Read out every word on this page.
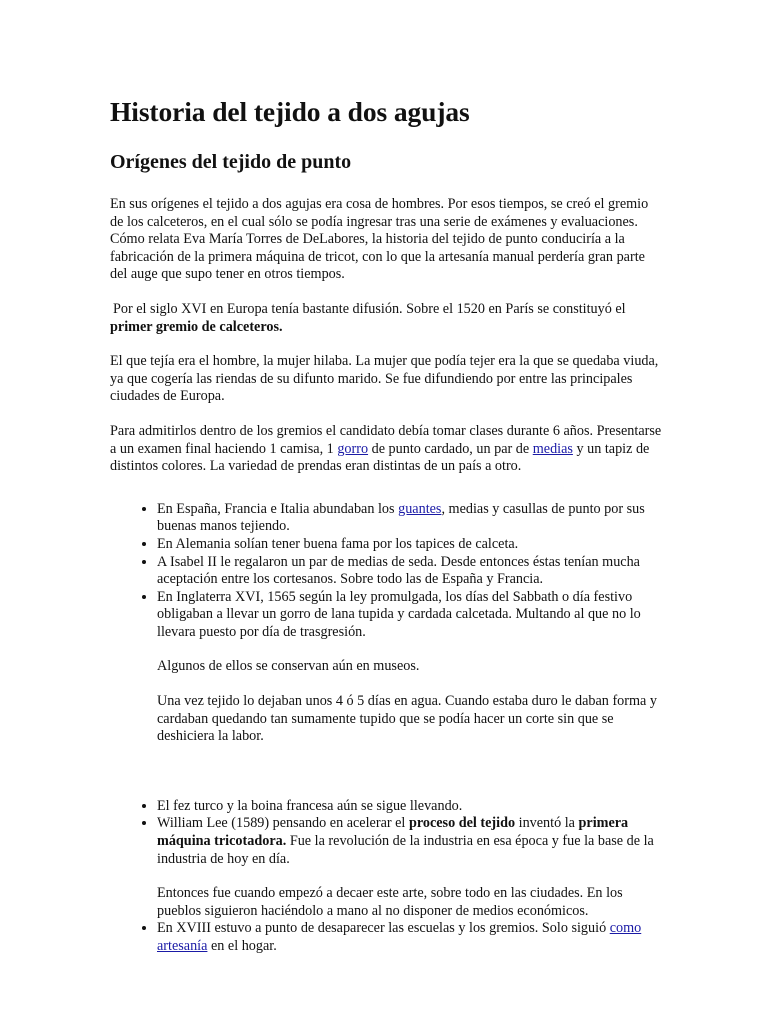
Historia del tejido a dos agujas
Orígenes del tejido de punto

En sus orígenes el tejido a dos agujas era cosa de hombres. Por esos tiempos, se creó el gremio de los calceteros, en el cual sólo se podía ingresar tras una serie de exámenes y evaluaciones. Cómo relata Eva María Torres de DeLabores, la historia del tejido de punto conduciría a la fabricación de la primera máquina de tricot, con lo que la artesanía manual perdería gran parte del auge que supo tener en otros tiempos.

Por el siglo XVI en Europa tenía bastante difusión. Sobre el 1520 en París se constituyó el primer gremio de calceteros.

El que tejía era el hombre, la mujer hilaba. La mujer que podía tejer era la que se quedaba viuda, ya que cogería las riendas de su difunto marido. Se fue difundiendo por entre las principales ciudades de Europa.

Para admitirlos dentro de los gremios el candidato debía tomar clases durante 6 años. Presentarse a un examen final haciendo 1 camisa, 1 gorro de punto cardado, un par de medias y un tapiz de distintos colores. La variedad de prendas eran distintas de un país a otro.

• En España, Francia e Italia abundaban los guantes, medias y casullas de punto por sus buenas manos tejiendo.
• En Alemania solían tener buena fama por los tapices de calceta.
• A Isabel II le regalaron un par de medias de seda. Desde entonces éstas tenían mucha aceptación entre los cortesanos. Sobre todo las de España y Francia.
• En Inglaterra XVI, 1565 según la ley promulgada, los días del Sabbath o día festivo obligaban a llevar un gorro de lana tupida y cardada calcetada. Multando al que no lo llevara puesto por día de trasgresión.

Algunos de ellos se conservan aún en museos.

Una vez tejido lo dejaban unos 4 ó 5 días en agua. Cuando estaba duro le daban forma y cardaban quedando tan sumamente tupido que se podía hacer un corte sin que se deshiciera la labor.

• El fez turco y la boina francesa aún se sigue llevando.
• William Lee (1589) pensando en acelerar el proceso del tejido inventó la primera máquina tricotadora. Fue la revolución de la industria en esa época y fue la base de la industria de hoy en día.

Entonces fue cuando empezó a decaer este arte, sobre todo en las ciudades. En los pueblos siguieron haciéndolo a mano al no disponer de medios económicos.

• En XVIII estuvo a punto de desaparecer las escuelas y los gremios. Solo siguió como artesanía en el hogar.
